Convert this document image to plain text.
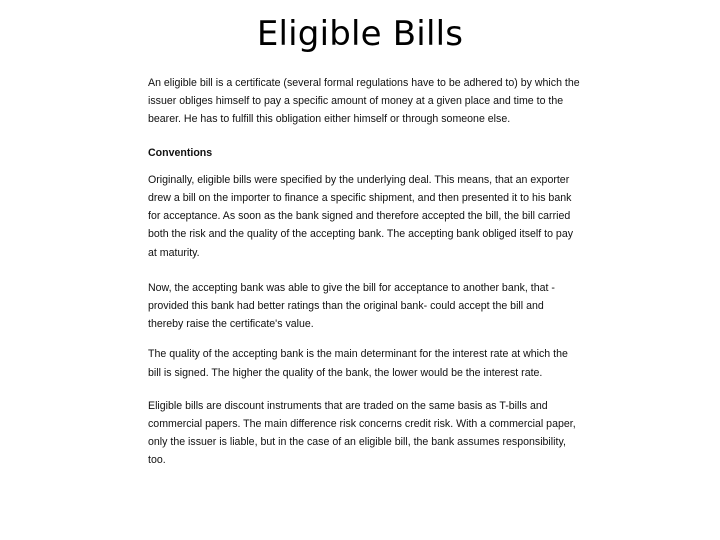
Eligible Bills

An eligible bill is a certificate (several formal regulations have to be adhered to) by which the issuer obliges himself to pay a specific amount of money at a given place and time to the bearer. He has to fulfill this obligation either himself or through someone else.

Conventions

Originally, eligible bills were specified by the underlying deal. This means, that an exporter drew a bill on the importer to finance a specific shipment, and then presented it to his bank for acceptance. As soon as the bank signed and therefore accepted the bill, the bill carried both the risk and the quality of the accepting bank. The accepting bank obliged itself to pay at maturity.

Now, the accepting bank was able to give the bill for acceptance to another bank, that - provided this bank had better ratings than the original bank- could accept the bill and thereby raise the certificate's value.

The quality of the accepting bank is the main determinant for the interest rate at which the bill is signed. The higher the quality of the bank, the lower would be the interest rate.

Eligible bills are discount instruments that are traded on the same basis as T-bills and commercial papers. The main difference risk concerns credit risk. With a commercial paper, only the issuer is liable, but in the case of an eligible bill, the bank assumes responsibility, too.
